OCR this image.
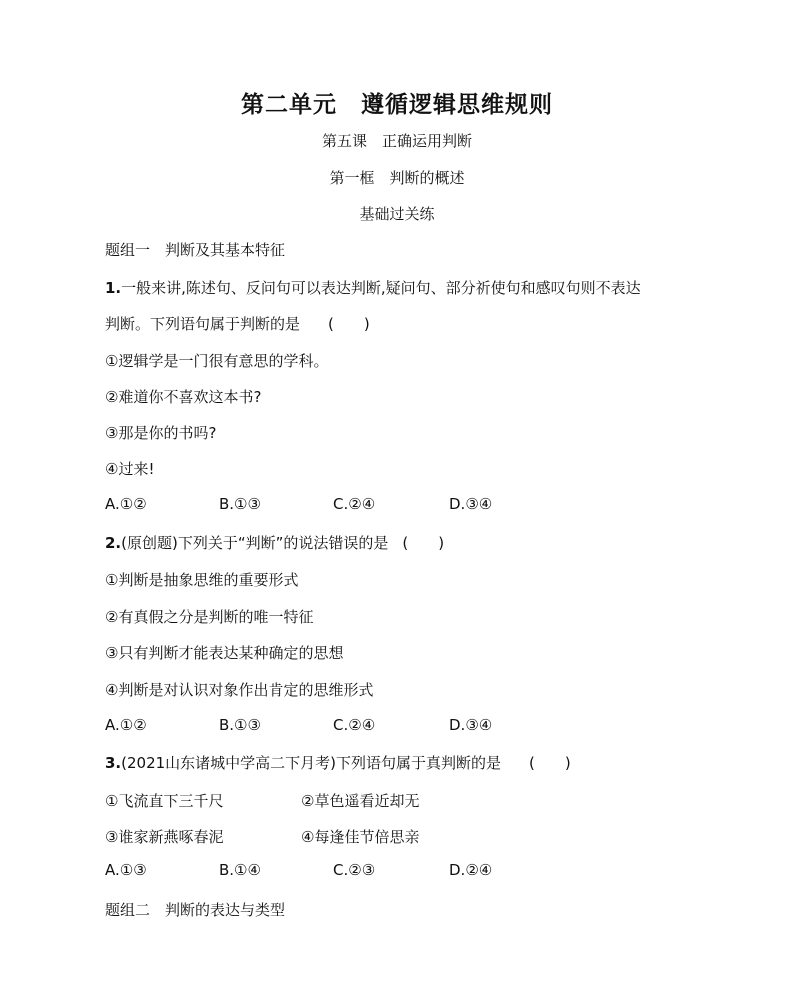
第二单元　遵循逻辑思维规则
第五课　正确运用判断
第一框　判断的概述
基础过关练
题组一　判断及其基本特征
1.一般来讲,陈述句、反问句可以表达判断,疑问句、部分祈使句和感叹句则不表达
判断。下列语句属于判断的是 (　　)
①逻辑学是一门很有意思的学科。
②难道你不喜欢这本书?
③那是你的书吗?
④过来!
A.①②	B.①③	C.②④	D.③④
2.(原创题)下列关于“判断”的说法错误的是 (　　)
①判断是抽象思维的重要形式
②有真假之分是判断的唯一特征
③只有判断才能表达某种确定的思想
④判断是对认识对象作出肯定的思维形式
A.①②	B.①③	C.②④	D.③④
3.(2021山东诸城中学高二下月考)下列语句属于真判断的是 (　　)
①飞流直下三千尺	②草色遥看近却无
③谁家新燕啄春泥	④每逢佳节倍思亲
A.①③	B.①④	C.②③	D.②④
题组二　判断的表达与类型
